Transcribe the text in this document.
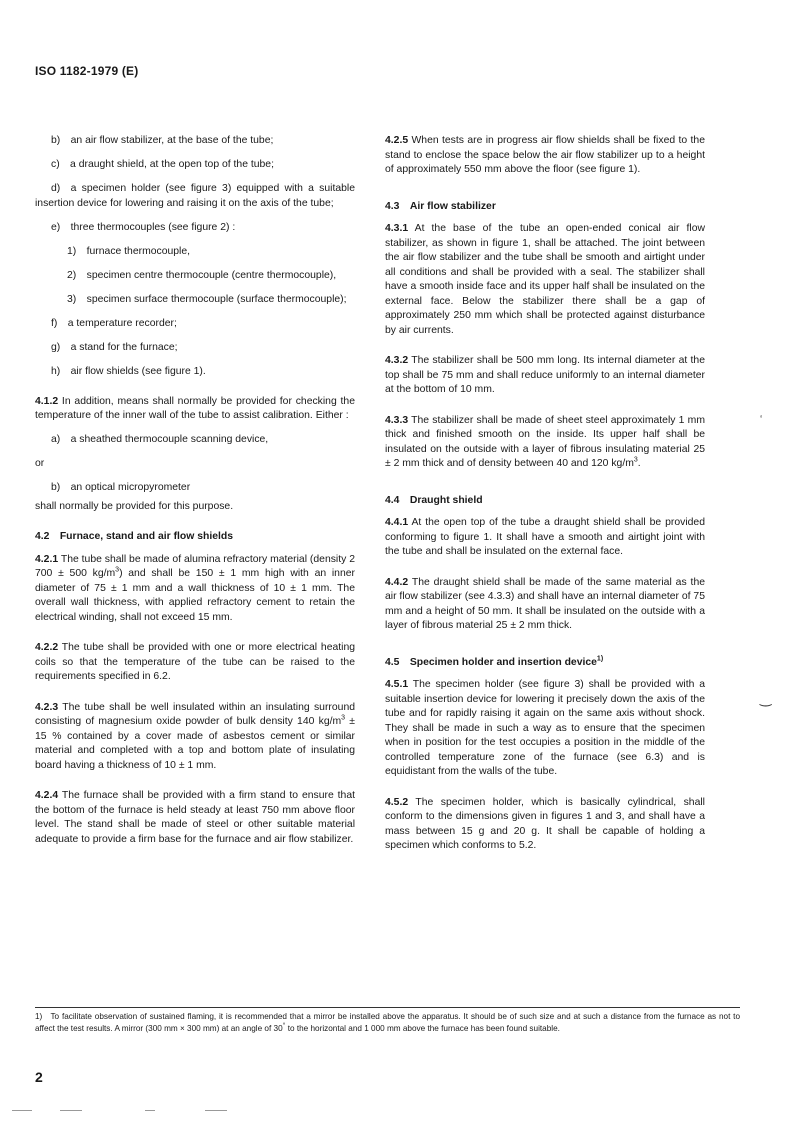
ISO 1182-1979 (E)

b) an air flow stabilizer, at the base of the tube;

c) a draught shield, at the open top of the tube;

d) a specimen holder (see figure 3) equipped with a suitable insertion device for lowering and raising it on the axis of the tube;

e) three thermocouples (see figure 2) :

1) furnace thermocouple,

2) specimen centre thermocouple (centre thermocouple),

3) specimen surface thermocouple (surface thermocouple);

f) a temperature recorder;

g) a stand for the furnace;

h) air flow shields (see figure 1).

4.1.2 In addition, means shall normally be provided for checking the temperature of the inner wall of the tube to assist calibration. Either :

a) a sheathed thermocouple scanning device,

or

b) an optical micropyrometer

shall normally be provided for this purpose.

4.2 Furnace, stand and air flow shields

4.2.1 The tube shall be made of alumina refractory material (density 2 700 ± 500 $kg/m^3$) and shall be 150 ± 1 mm high with an inner diameter of 75 ± 1 mm and a wall thickness of 10 ± 1 mm. The overall wall thickness, with applied refractory cement to retain the electrical winding, shall not exceed 15 mm.

4.2.2 The tube shall be provided with one or more electrical heating coils so that the temperature of the tube can be raised to the requirements specified in 6.2.

4.2.3 The tube shall be well insulated within an insulating surround consisting of magnesium oxide powder of bulk density 140 $kg/m^3 \pm 15$ % contained by a cover made of asbestos cement or similar material and completed with a top and bottom plate of insulating board having a thickness of 10 ± 1 mm.

4.2.4 The furnace shall be provided with a firm stand to ensure that the bottom of the furnace is held steady at least 750 mm above floor level. The stand shall be made of steel or other suitable material adequate to provide a firm base for the furnace and air flow stabilizer.

4.2.5 When tests are in progress air flow shields shall be fixed to the stand to enclose the space below the air flow stabilizer up to a height of approximately 550 mm above the floor (see figure 1).

4.3 Air flow stabilizer

4.3.1 At the base of the tube an open-ended conical air flow stabilizer, as shown in figure 1, shall be attached. The joint between the air flow stabilizer and the tube shall be smooth and airtight under all conditions and shall be provided with a seal. The stabilizer shall have a smooth inside face and its upper half shall be insulated on the external face. Below the stabilizer there shall be a gap of approximately 250 mm which shall be protected against disturbance by air currents.

4.3.2 The stabilizer shall be 500 mm long. Its internal diameter at the top shall be 75 mm and shall reduce uniformly to an internal diameter at the bottom of 10 mm.

4.3.3 The stabilizer shall be made of sheet steel approximately 1 mm thick and finished smooth on the inside. Its upper half shall be insulated on the outside with a layer of fibrous insulating material 25 ± 2 mm thick and of density between 40 and 120 $kg/m^3$.

4.4 Draught shield

4.4.1 At the open top of the tube a draught shield shall be provided conforming to figure 1. It shall have a smooth and airtight joint with the tube and shall be insulated on the external face.

4.4.2 The draught shield shall be made of the same material as the air flow stabilizer (see 4.3.3) and shall have an internal diameter of 75 mm and a height of 50 mm. It shall be insulated on the outside with a layer of fibrous material 25 ± 2 mm thick.

4.5 Specimen holder and insertion device$^{1)}$

4.5.1 The specimen holder (see figure 3) shall be provided with a suitable insertion device for lowering it precisely down the axis of the tube and for rapidly raising it again on the same axis without shock. They shall be made in such a way as to ensure that the specimen when in position for the test occupies a position in the middle of the controlled temperature zone of the furnace (see 6.3) and is equidistant from the walls of the tube.

4.5.2 The specimen holder, which is basically cylindrical, shall conform to the dimensions given in figures 1 and 3, and shall have a mass between 15 g and 20 g. It shall be capable of holding a specimen which conforms to 5.2.

1) To facilitate observation of sustained flaming, it is recommended that a mirror be installed above the apparatus. It should be of such size and at such a distance from the furnace as not to affect the test results. A mirror (300 mm × 300 mm) at an angle of 30° to the horizontal and 1 000 mm above the furnace has been found suitable.

2
‘
‿
